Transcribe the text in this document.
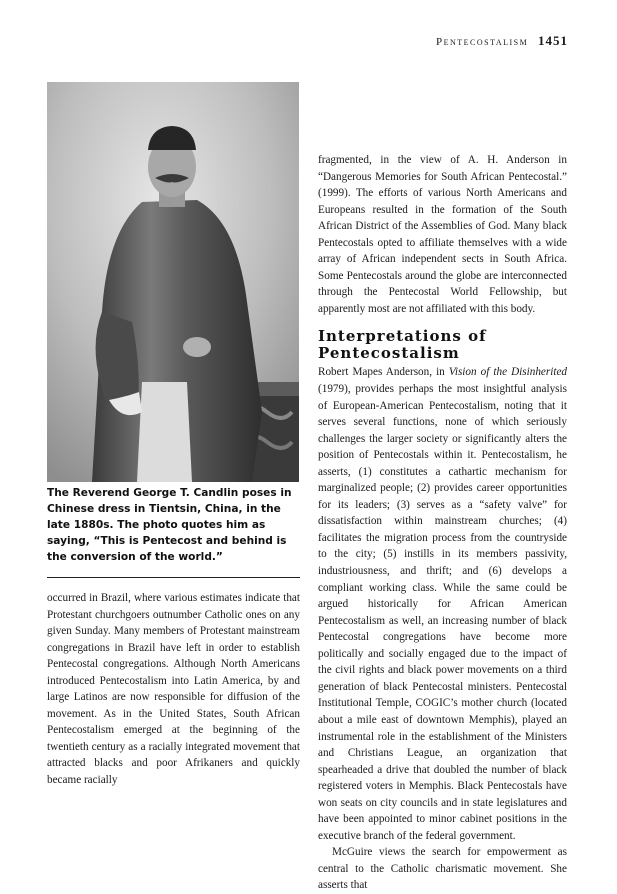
Pentecostalism 1451
The Reverend George T. Candlin poses in Chinese dress in Tientsin, China, in the late 1880s. The photo quotes him as saying, “This is Pentecost and behind is the conversion of the world.”

occurred in Brazil, where various estimates indicate that Protestant churchgoers outnumber Catholic ones on any given Sunday. Many members of Protestant mainstream congregations in Brazil have left in order to establish Pentecostal congregations. Although North Americans introduced Pentecostalism into Latin America, by and large Latinos are now responsible for diffusion of the movement. As in the United States, South African Pentecostalism emerged at the beginning of the twentieth century as a racially integrated movement that attracted blacks and poor Afrikaners and quickly became racially

fragmented, in the view of A. H. Anderson in “Dangerous Memories for South African Pentecostal.” (1999). The efforts of various North Americans and Europeans resulted in the formation of the South African District of the Assemblies of God. Many black Pentecostals opted to affiliate themselves with a wide array of African independent sects in South Africa. Some Pentecostals around the globe are interconnected through the Pentecostal World Fellowship, but apparently most are not affiliated with this body.

Interpretations of Pentecostalism

Robert Mapes Anderson, in Vision of the Disinherited (1979), provides perhaps the most insightful analysis of European-American Pentecostalism, noting that it serves several functions, none of which seriously challenges the larger society or significantly alters the position of Pentecostals within it. Pentecostalism, he asserts, (1) constitutes a cathartic mechanism for marginalized people; (2) provides career opportunities for its leaders; (3) serves as a “safety valve” for dissatisfaction within mainstream churches; (4) facilitates the migration process from the countryside to the city; (5) instills in its members passivity, industriousness, and thrift; and (6) develops a compliant working class. While the same could be argued historically for African American Pentecostalism as well, an increasing number of black Pentecostal congregations have become more politically and socially engaged due to the impact of the civil rights and black power movements on a third generation of black Pentecostal ministers. Pentecostal Institutional Temple, COGIC’s mother church (located about a mile east of downtown Memphis), played an instrumental role in the establishment of the Ministers and Christians League, an organization that spearheaded a drive that doubled the number of black registered voters in Memphis. Black Pentecostals have won seats on city councils and in state legislatures and have been appointed to minor cabinet positions in the executive branch of the federal government.

McGuire views the search for empowerment as central to the Catholic charismatic movement. She asserts that
